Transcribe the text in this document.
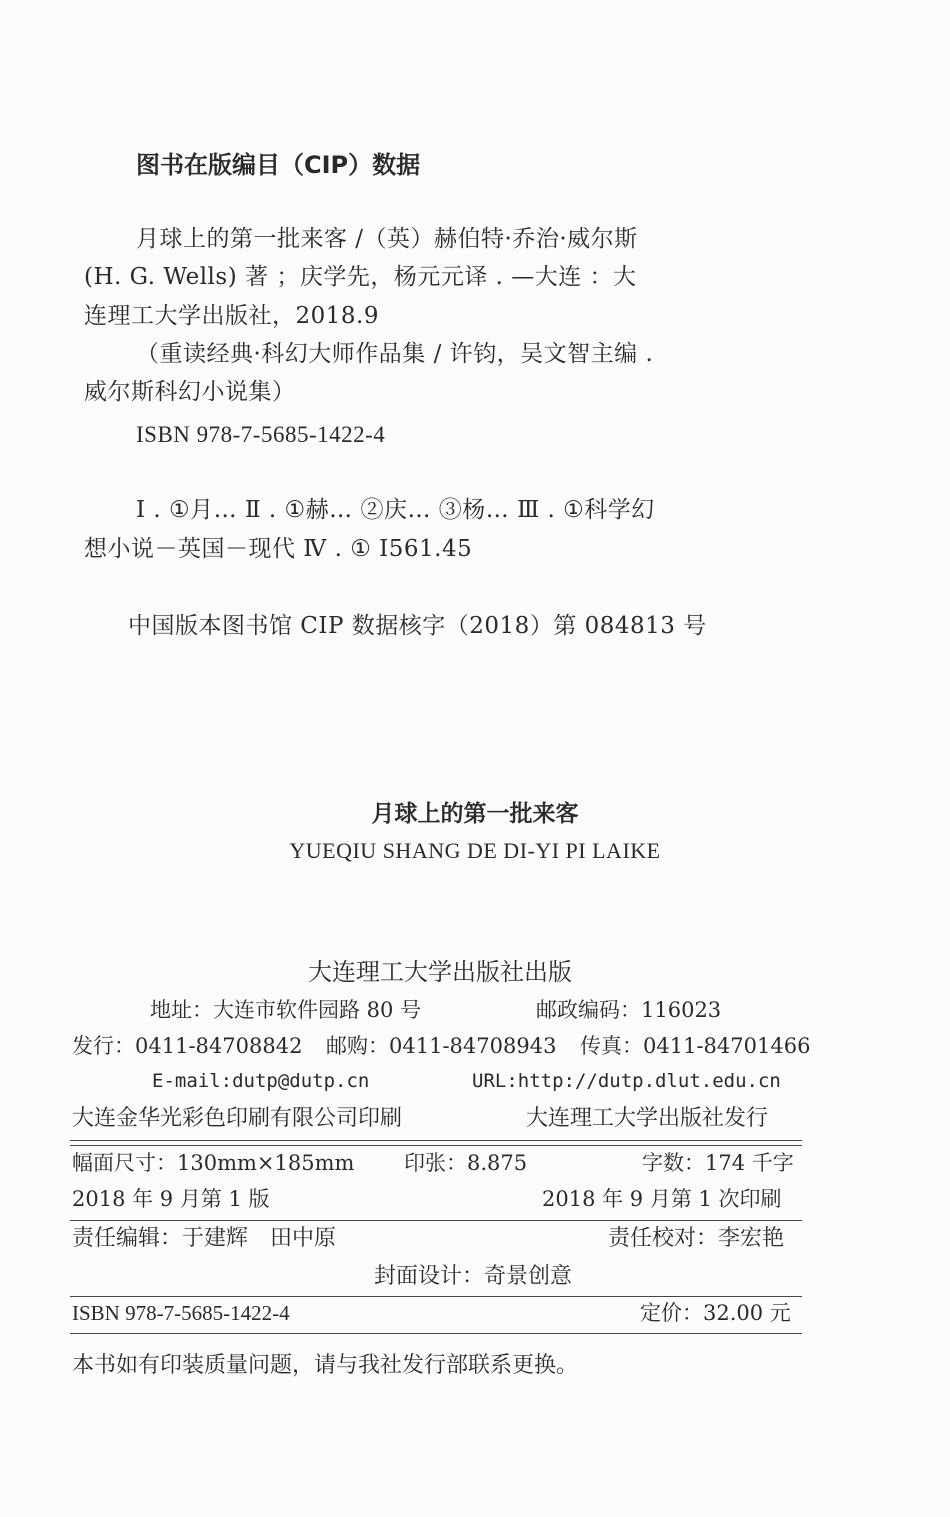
图书在版编目（CIP）数据
月球上的第一批来客 /（英）赫伯特·乔治·威尔斯
(H. G. Wells) 著 ；庆学先，杨元元译 . —大连 ：大
连理工大学出版社，2018.9
（重读经典·科幻大师作品集 / 许钧，吴文智主编 .
威尔斯科幻小说集）
ISBN 978-7-5685-1422-4
Ⅰ . ①月… Ⅱ . ①赫… ②庆… ③杨… Ⅲ . ①科学幻
想小说－英国－现代 Ⅳ . ① I561.45
中国版本图书馆 CIP 数据核字（2018）第 084813 号
月球上的第一批来客
YUEQIU SHANG DE DI-YI PI LAIKE
大连理工大学出版社出版
地址：大连市软件园路 80 号	邮政编码：116023
发行：0411-84708842 邮购：0411-84708943 传真：0411-84701466
E-mail:dutp@dutp.cn	URL:http://dutp.dlut.edu.cn
大连金华光彩色印刷有限公司印刷	大连理工大学出版社发行
幅面尺寸：130mm×185mm 印张：8.875	字数：174 千字
2018 年 9 月第 1 版	2018 年 9 月第 1 次印刷
责任编辑：于建辉　田中原	责任校对：李宏艳
封面设计：奇景创意
ISBN 978-7-5685-1422-4	定价：32.00 元
本书如有印装质量问题，请与我社发行部联系更换。
